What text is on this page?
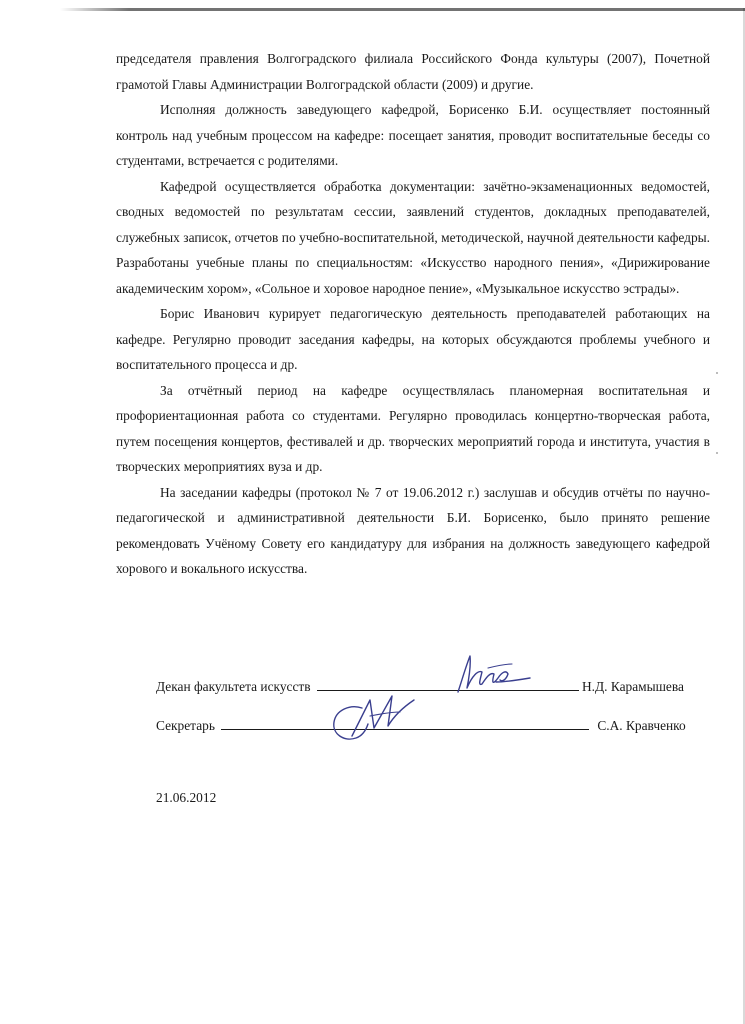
председателя правления Волгоградского филиала Российского Фонда культуры (2007), Почетной грамотой Главы Администрации Волгоградской области (2009) и другие.

Исполняя должность заведующего кафедрой, Борисенко Б.И. осуществляет постоянный контроль над учебным процессом на кафедре: посещает занятия, проводит воспитательные беседы со студентами, встречается с родителями.

Кафедрой осуществляется обработка документации: зачётно-экзаменационных ведомостей, сводных ведомостей по результатам сессии, заявлений студентов, докладных преподавателей, служебных записок, отчетов по учебно-воспитательной, методической, научной деятельности кафедры. Разработаны учебные планы по специальностям: «Искусство народного пения», «Дирижирование академическим хором», «Сольное и хоровое народное пение», «Музыкальное искусство эстрады».

Борис Иванович курирует педагогическую деятельность преподавателей работающих на кафедре. Регулярно проводит заседания кафедры, на которых обсуждаются проблемы учебного и воспитательного процесса и др.

За отчётный период на кафедре осуществлялась планомерная воспитательная и профориентационная работа со студентами. Регулярно проводилась концертно-творческая работа, путем посещения концертов, фестивалей и др. творческих мероприятий города и института, участия в творческих мероприятиях вуза и др.

На заседании кафедры (протокол № 7 от 19.06.2012 г.) заслушав и обсудив отчёты по научно-педагогической и административной деятельности Б.И. Борисенко, было принято решение рекомендовать Учёному Совету его кандидатуру для избрания на должность заведующего кафедрой хорового и вокального искусства.

Декан факультета искусств	Н.Д. Карамышева
Секретарь	С.А. Кравченко
21.06.2012
